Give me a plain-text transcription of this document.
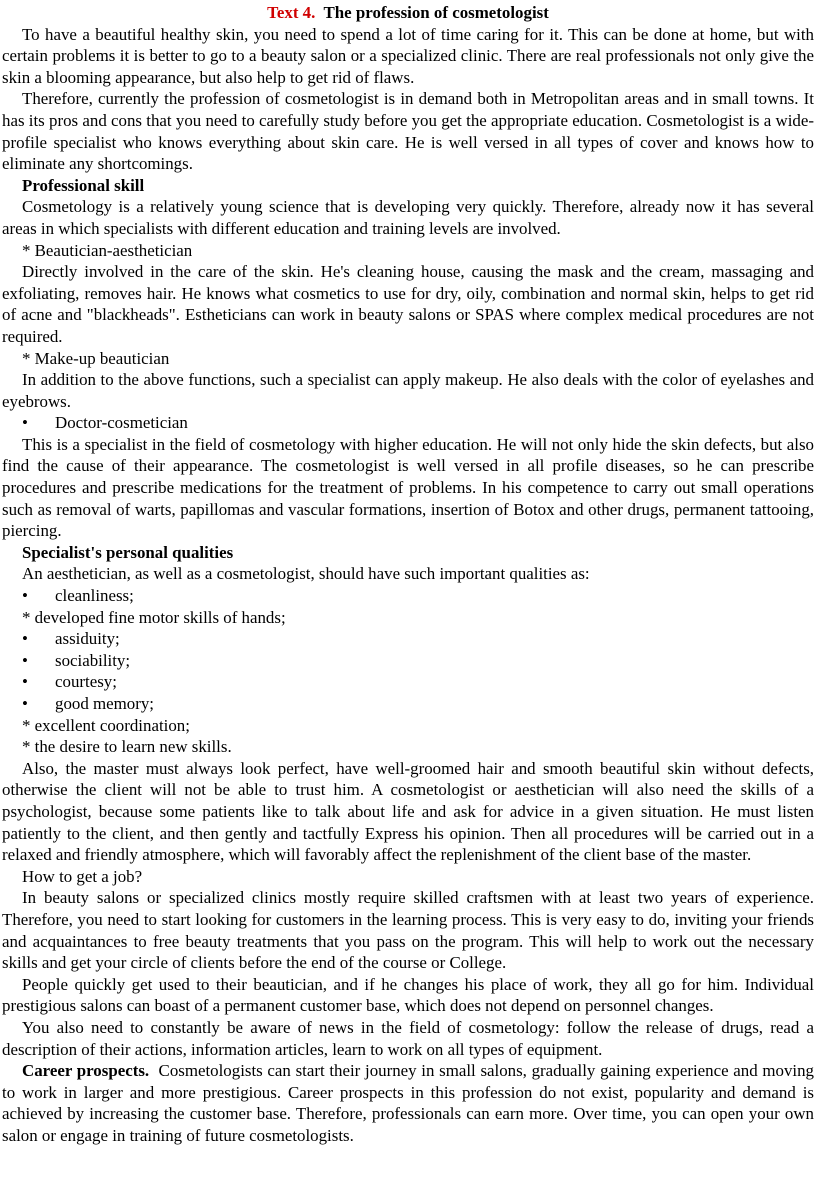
Text 4. The profession of cosmetologist

To have a beautiful healthy skin, you need to spend a lot of time caring for it. This can be done at home, but with certain problems it is better to go to a beauty salon or a specialized clinic. There are real professionals not only give the skin a blooming appearance, but also help to get rid of flaws.

Therefore, currently the profession of cosmetologist is in demand both in Metropolitan areas and in small towns. It has its pros and cons that you need to carefully study before you get the appropriate education. Cosmetologist is a wide-profile specialist who knows everything about skin care. He is well versed in all types of cover and knows how to eliminate any shortcomings.

Professional skill

Cosmetology is a relatively young science that is developing very quickly. Therefore, already now it has several areas in which specialists with different education and training levels are involved.

* Beautician-aesthetician

Directly involved in the care of the skin. He's cleaning house, causing the mask and the cream, massaging and exfoliating, removes hair. He knows what cosmetics to use for dry, oily, combination and normal skin, helps to get rid of acne and "blackheads". Estheticians can work in beauty salons or SPAS where complex medical procedures are not required.

* Make-up beautician

In addition to the above functions, such a specialist can apply makeup. He also deals with the color of eyelashes and eyebrows.

• Doctor-cosmetician

This is a specialist in the field of cosmetology with higher education. He will not only hide the skin defects, but also find the cause of their appearance. The cosmetologist is well versed in all profile diseases, so he can prescribe procedures and prescribe medications for the treatment of problems. In his competence to carry out small operations such as removal of warts, papillomas and vascular formations, insertion of Botox and other drugs, permanent tattooing, piercing.

Specialist's personal qualities

An aesthetician, as well as a cosmetologist, should have such important qualities as:

• cleanliness;
* developed fine motor skills of hands;
• assiduity;
• sociability;
• courtesy;
• good memory;
* excellent coordination;
* the desire to learn new skills.

Also, the master must always look perfect, have well-groomed hair and smooth beautiful skin without defects, otherwise the client will not be able to trust him. A cosmetologist or aesthetician will also need the skills of a psychologist, because some patients like to talk about life and ask for advice in a given situation. He must listen patiently to the client, and then gently and tactfully Express his opinion. Then all procedures will be carried out in a relaxed and friendly atmosphere, which will favorably affect the replenishment of the client base of the master.

How to get a job?

In beauty salons or specialized clinics mostly require skilled craftsmen with at least two years of experience. Therefore, you need to start looking for customers in the learning process. This is very easy to do, inviting your friends and acquaintances to free beauty treatments that you pass on the program. This will help to work out the necessary skills and get your circle of clients before the end of the course or College.

People quickly get used to their beautician, and if he changes his place of work, they all go for him. Individual prestigious salons can boast of a permanent customer base, which does not depend on personnel changes.

You also need to constantly be aware of news in the field of cosmetology: follow the release of drugs, read a description of their actions, information articles, learn to work on all types of equipment.

Career prospects. Cosmetologists can start their journey in small salons, gradually gaining experience and moving to work in larger and more prestigious. Career prospects in this profession do not exist, popularity and demand is achieved by increasing the customer base. Therefore, professionals can earn more. Over time, you can open your own salon or engage in training of future cosmetologists.
